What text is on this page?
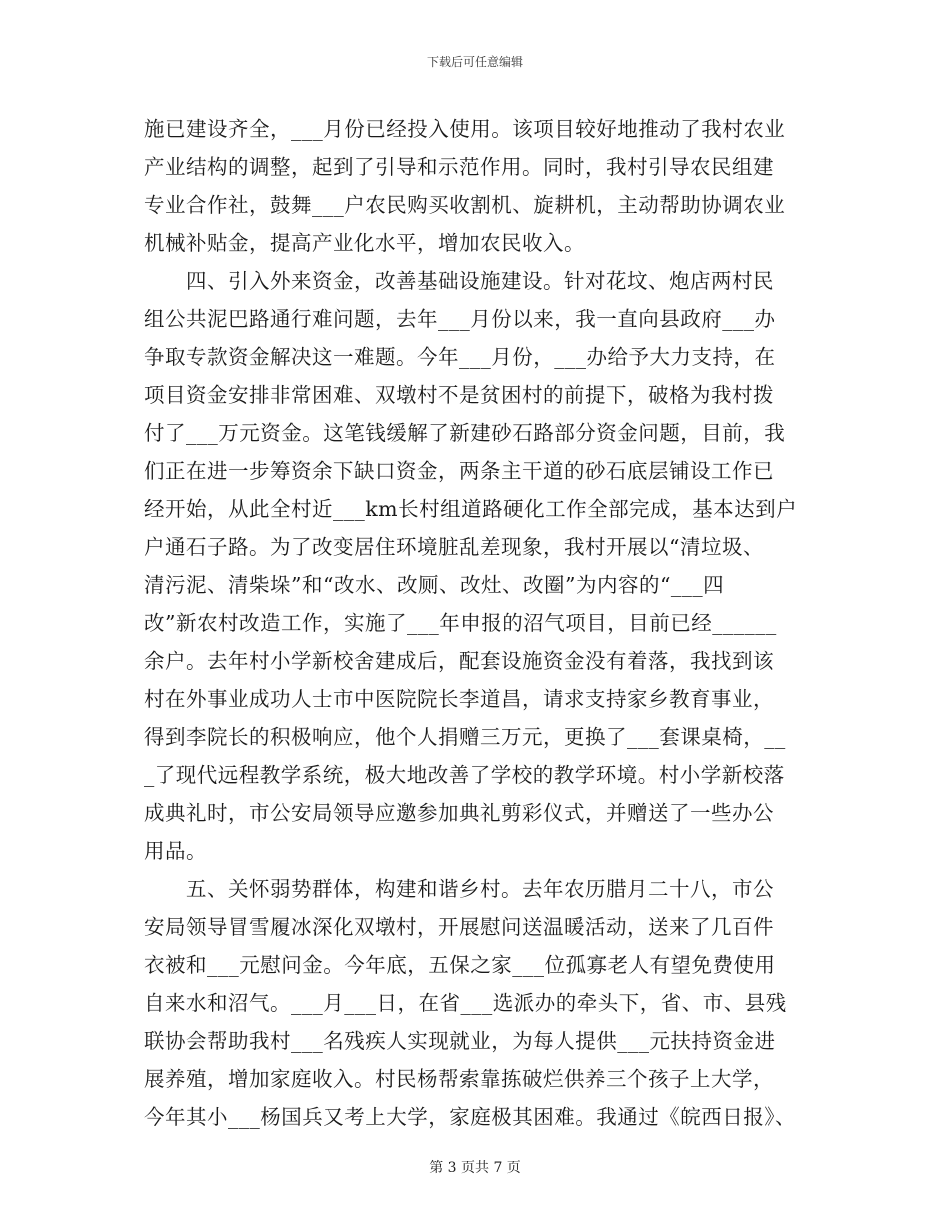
下载后可任意编辑
施已建设齐全，___月份已经投入使用。该项目较好地推动了我村农业
产业结构的调整，起到了引导和示范作用。同时，我村引导农民组建
专业合作社，鼓舞___户农民购买收割机、旋耕机，主动帮助协调农业
机械补贴金，提高产业化水平，增加农民收入。
　　四、引入外来资金，改善基础设施建设。针对花坟、炮店两村民
组公共泥巴路通行难问题，去年___月份以来，我一直向县政府___办
争取专款资金解决这一难题。今年___月份，___办给予大力支持，在
项目资金安排非常困难、双墩村不是贫困村的前提下，破格为我村拨
付了___万元资金。这笔钱缓解了新建砂石路部分资金问题，目前，我
们正在进一步筹资余下缺口资金，两条主干道的砂石底层铺设工作已
经开始，从此全村近___km长村组道路硬化工作全部完成，基本达到户
户通石子路。为了改变居住环境脏乱差现象，我村开展以“清垃圾、
清污泥、清柴垛”和“改水、改厕、改灶、改圈”为内容的“___四
改”新农村改造工作，实施了___年申报的沼气项目，目前已经______
余户。去年村小学新校舍建成后，配套设施资金没有着落，我找到该
村在外事业成功人士市中医院院长李道昌，请求支持家乡教育事业，
得到李院长的积极响应，他个人捐赠三万元，更换了___套课桌椅，__
_了现代远程教学系统，极大地改善了学校的教学环境。村小学新校落
成典礼时，市公安局领导应邀参加典礼剪彩仪式，并赠送了一些办公
用品。
　　五、关怀弱势群体，构建和谐乡村。去年农历腊月二十八，市公
安局领导冒雪履冰深化双墩村，开展慰问送温暖活动，送来了几百件
衣被和___元慰问金。今年底，五保之家___位孤寡老人有望免费使用
自来水和沼气。___月___日，在省___选派办的牵头下，省、市、县残
联协会帮助我村___名残疾人实现就业，为每人提供___元扶持资金进
展养殖，增加家庭收入。村民杨帮索靠拣破烂供养三个孩子上大学，
今年其小___杨国兵又考上大学，家庭极其困难。我通过《皖西日报》、
第 3 页共 7 页
